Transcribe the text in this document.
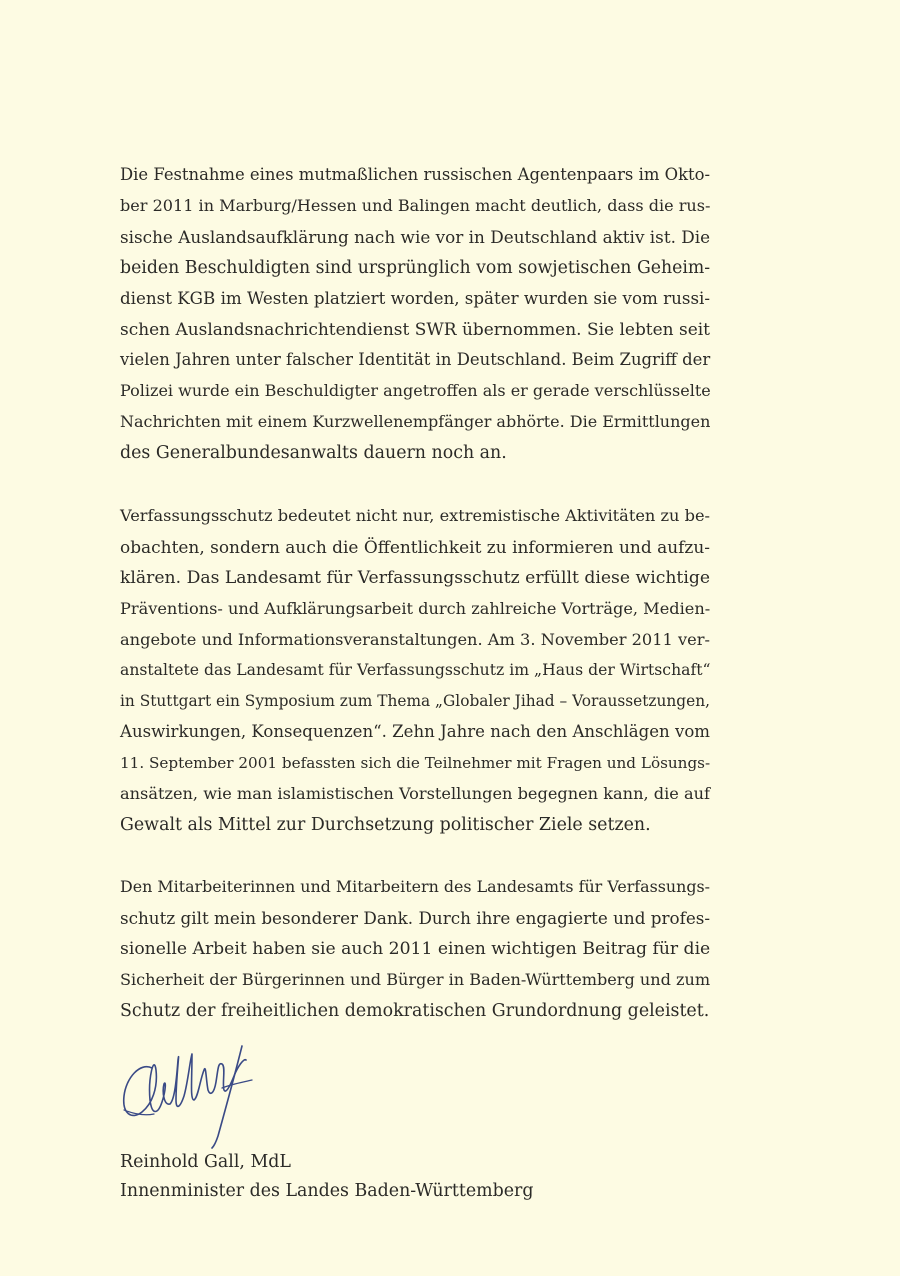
Die Festnahme eines mutmaßlichen russischen Agentenpaars im Okto-
ber 2011 in Marburg/Hessen und Balingen macht deutlich, dass die rus-
sische Auslandsaufklärung nach wie vor in Deutschland aktiv ist. Die
beiden Beschuldigten sind ursprünglich vom sowjetischen Geheim-
dienst KGB im Westen platziert worden, später wurden sie vom russi-
schen Auslandsnachrichtendienst SWR übernommen. Sie lebten seit
vielen Jahren unter falscher Identität in Deutschland. Beim Zugriff der
Polizei wurde ein Beschuldigter angetroffen als er gerade verschlüsselte
Nachrichten mit einem Kurzwellenempfänger abhörte. Die Ermittlungen
des Generalbundesanwalts dauern noch an.
Verfassungsschutz bedeutet nicht nur, extremistische Aktivitäten zu be-
obachten, sondern auch die Öffentlichkeit zu informieren und aufzu-
klären. Das Landesamt für Verfassungsschutz erfüllt diese wichtige
Präventions- und Aufklärungsarbeit durch zahlreiche Vorträge, Medien-
angebote und Informationsveranstaltungen. Am 3. November 2011 ver-
anstaltete das Landesamt für Verfassungsschutz im „Haus der Wirtschaft“
in Stuttgart ein Symposium zum Thema „Globaler Jihad – Voraussetzungen,
Auswirkungen, Konsequenzen“. Zehn Jahre nach den Anschlägen vom
11. September 2001 befassten sich die Teilnehmer mit Fragen und Lösungs-
ansätzen, wie man islamistischen Vorstellungen begegnen kann, die auf
Gewalt als Mittel zur Durchsetzung politischer Ziele setzen.
Den Mitarbeiterinnen und Mitarbeitern des Landesamts für Verfassungs-
schutz gilt mein besonderer Dank. Durch ihre engagierte und profes-
sionelle Arbeit haben sie auch 2011 einen wichtigen Beitrag für die
Sicherheit der Bürgerinnen und Bürger in Baden-Württemberg und zum
Schutz der freiheitlichen demokratischen Grundordnung geleistet.
Reinhold Gall, MdL
Innenminister des Landes Baden-Württemberg
